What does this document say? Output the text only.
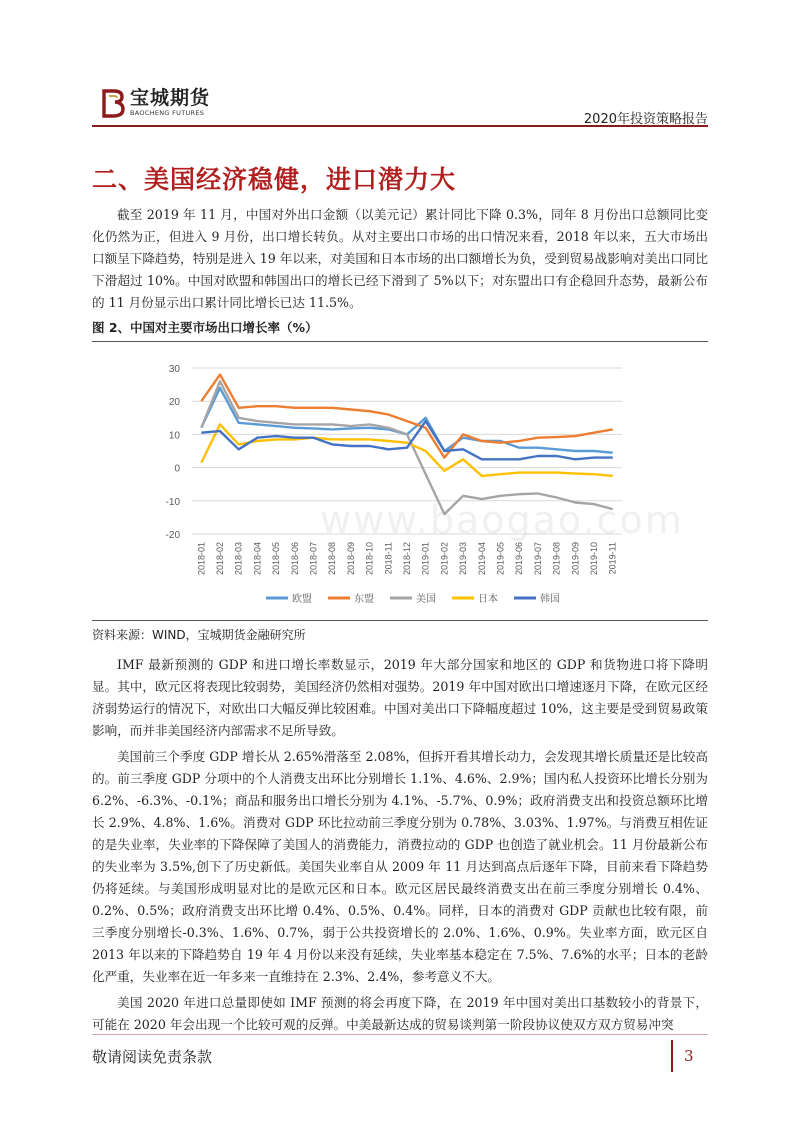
宝城期货
BAOCHENG FUTURES	2020年投资策略报告
二、美国经济稳健，进口潜力大

截至 2019 年 11 月，中国对外出口金额（以美元记）累计同比下降 0.3%，同年 8 月份出口总额同比变化仍然为正，但进入 9 月份，出口增长转负。从对主要出口市场的出口情况来看，2018 年以来，五大市场出口额呈下降趋势，特别是进入 19 年以来，对美国和日本市场的出口额增长为负，受到贸易战影响对美出口同比下滑超过 10%。中国对欧盟和韩国出口的增长已经下滑到了 5%以下；对东盟出口有企稳回升态势，最新公布的 11 月份显示出口累计同比增长已达 11.5%。

图 2、中国对主要市场出口增长率（%）

www.baogao.com
30
20
10
0
-10
-20
2018-01 2018-02 2018-03 2018-04 2018-05 2018-06 2018-07 2018-08 2018-09 2018-10 2018-11 2018-12 2019-01 2019-02 2019-03 2019-04 2019-05 2019-06 2019-07 2019-08 2019-09 2019-10 2019-11
欧盟	东盟	美国	日本	韩国
资料来源：WIND，宝城期货金融研究所

IMF 最新预测的 GDP 和进口增长率数显示，2019 年大部分国家和地区的 GDP 和货物进口将下降明显。其中，欧元区将表现比较弱势，美国经济仍然相对强势。2019 年中国对欧出口增速逐月下降，在欧元区经济弱势运行的情况下，对欧出口大幅反弹比较困难。中国对美出口下降幅度超过 10%，这主要是受到贸易政策影响，而并非美国经济内部需求不足所导致。

美国前三个季度 GDP 增长从 2.65%滑落至 2.08%，但拆开看其增长动力，会发现其增长质量还是比较高的。前三季度 GDP 分项中的个人消费支出环比分别增长 1.1%、4.6%、2.9%；国内私人投资环比增长分别为 6.2%、-6.3%、-0.1%；商品和服务出口增长分别为 4.1%、-5.7%、0.9%；政府消费支出和投资总额环比增长 2.9%、4.8%、1.6%。消费对 GDP 环比拉动前三季度分别为 0.78%、3.03%、1.97%。与消费互相佐证的是失业率，失业率的下降保障了美国人的消费能力，消费拉动的 GDP 也创造了就业机会。11 月份最新公布的失业率为 3.5%,创下了历史新低。美国失业率自从 2009 年 11 月达到高点后逐年下降，目前来看下降趋势仍将延续。与美国形成明显对比的是欧元区和日本。欧元区居民最终消费支出在前三季度分别增长 0.4%、0.2%、0.5%；政府消费支出环比增 0.4%、0.5%、0.4%。同样，日本的消费对 GDP 贡献也比较有限，前三季度分别增长-0.3%、1.6%、0.7%，弱于公共投资增长的 2.0%、1.6%、0.9%。失业率方面，欧元区自 2013 年以来的下降趋势自 19 年 4 月份以来没有延续，失业率基本稳定在 7.5%、7.6%的水平；日本的老龄化严重，失业率在近一年多来一直维持在 2.3%、2.4%，参考意义不大。

美国 2020 年进口总量即使如 IMF 预测的将会再度下降，在 2019 年中国对美出口基数较小的背景下，可能在 2020 年会出现一个比较可观的反弹。中美最新达成的贸易谈判第一阶段协议使双方双方贸易冲突

敬请阅读免责条款	3
